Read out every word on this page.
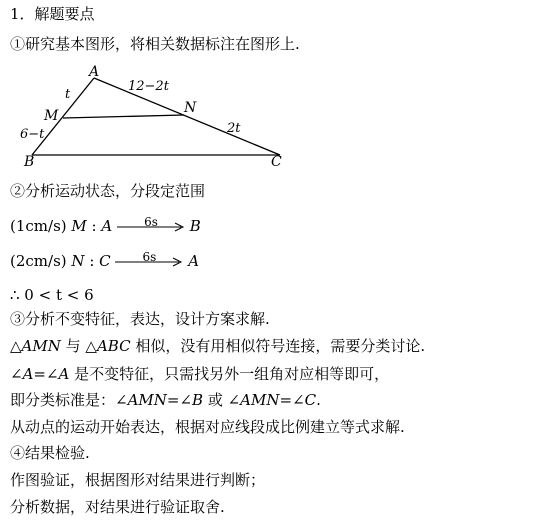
1．解题要点
①研究基本图形，将相关数据标注在图形上.
A
B	C
M	N
t
6−t
12−2t
2t
②分析运动状态，分段定范围
(1cm/s) M : A	6s	B
(2cm/s) N : C	6s	A
∴ 0 < t < 6
③分析不变特征，表达，设计方案求解.
△AMN 与 △ABC 相似，没有用相似符号连接，需要分类讨论.
∠A=∠A 是不变特征，只需找另外一组角对应相等即可，
即分类标准是：∠AMN=∠B 或 ∠AMN=∠C.
从动点的运动开始表达，根据对应线段成比例建立等式求解.
④结果检验.
作图验证，根据图形对结果进行判断；
分析数据，对结果进行验证取舍.
